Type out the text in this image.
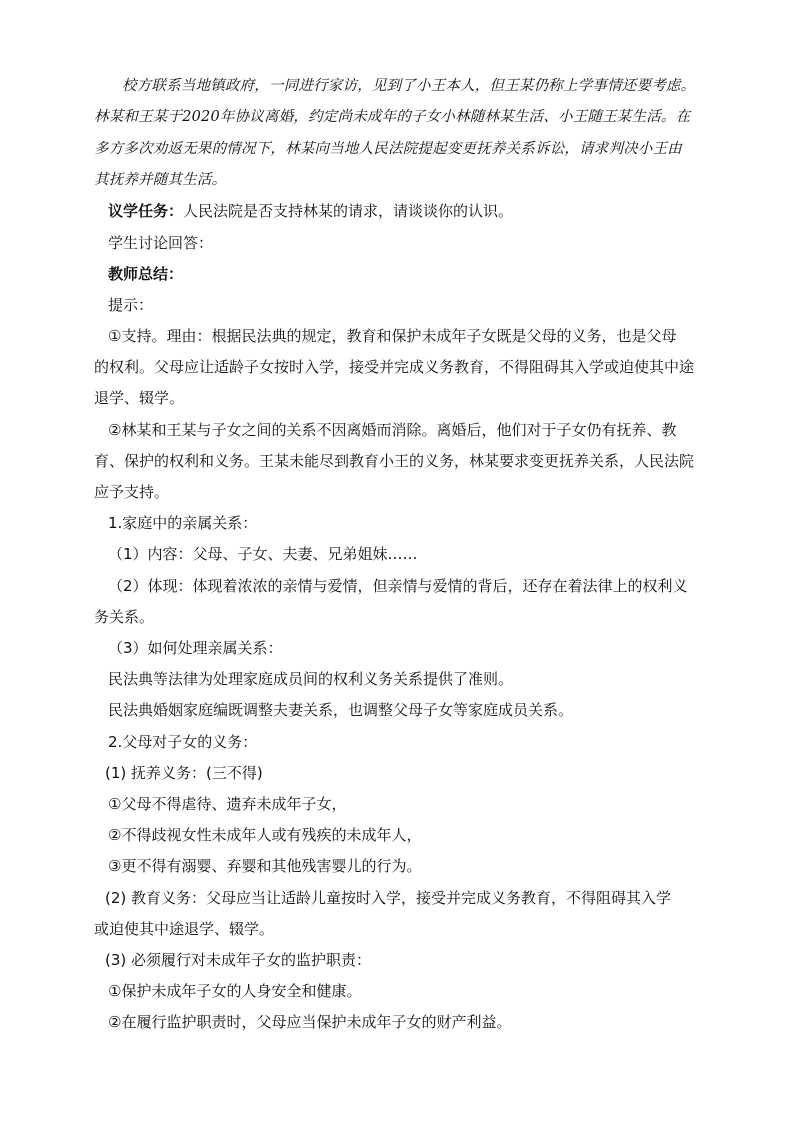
校方联系当地镇政府，一同进行家访，见到了小王本人，但王某仍称上学事情还要考虑。
林某和王某于2020年协议离婚，约定尚未成年的子女小林随林某生活、小王随王某生活。在
多方多次劝返无果的情况下，林某向当地人民法院提起变更抚养关系诉讼，请求判决小王由
其抚养并随其生活。
议学任务：人民法院是否支持林某的请求，请谈谈你的认识。
学生讨论回答：
教师总结：
提示：
①支持。理由：根据民法典的规定，教育和保护未成年子女既是父母的义务，也是父母
的权利。父母应让适龄子女按时入学，接受并完成义务教育，不得阻碍其入学或迫使其中途
退学、辍学。
②林某和王某与子女之间的关系不因离婚而消除。离婚后，他们对于子女仍有抚养、教
育、保护的权利和义务。王某未能尽到教育小王的义务，林某要求变更抚养关系，人民法院
应予支持。
1.家庭中的亲属关系：
（1）内容：父母、子女、夫妻、兄弟姐妹……
（2）体现：体现着浓浓的亲情与爱情，但亲情与爱情的背后，还存在着法律上的权利义
务关系。
（3）如何处理亲属关系：
民法典等法律为处理家庭成员间的权利义务关系提供了准则。
民法典婚姻家庭编既调整夫妻关系，也调整父母子女等家庭成员关系。
2.父母对子女的义务：
(1) 抚养义务：(三不得)
①父母不得虐待、遗弃未成年子女，
②不得歧视女性未成年人或有残疾的未成年人，
③更不得有溺婴、弃婴和其他残害婴儿的行为。
(2) 教育义务：父母应当让适龄儿童按时入学，接受并完成义务教育，不得阻碍其入学
或迫使其中途退学、辍学。
(3) 必须履行对未成年子女的监护职责：
①保护未成年子女的人身安全和健康。
②在履行监护职责时，父母应当保护未成年子女的财产利益。
